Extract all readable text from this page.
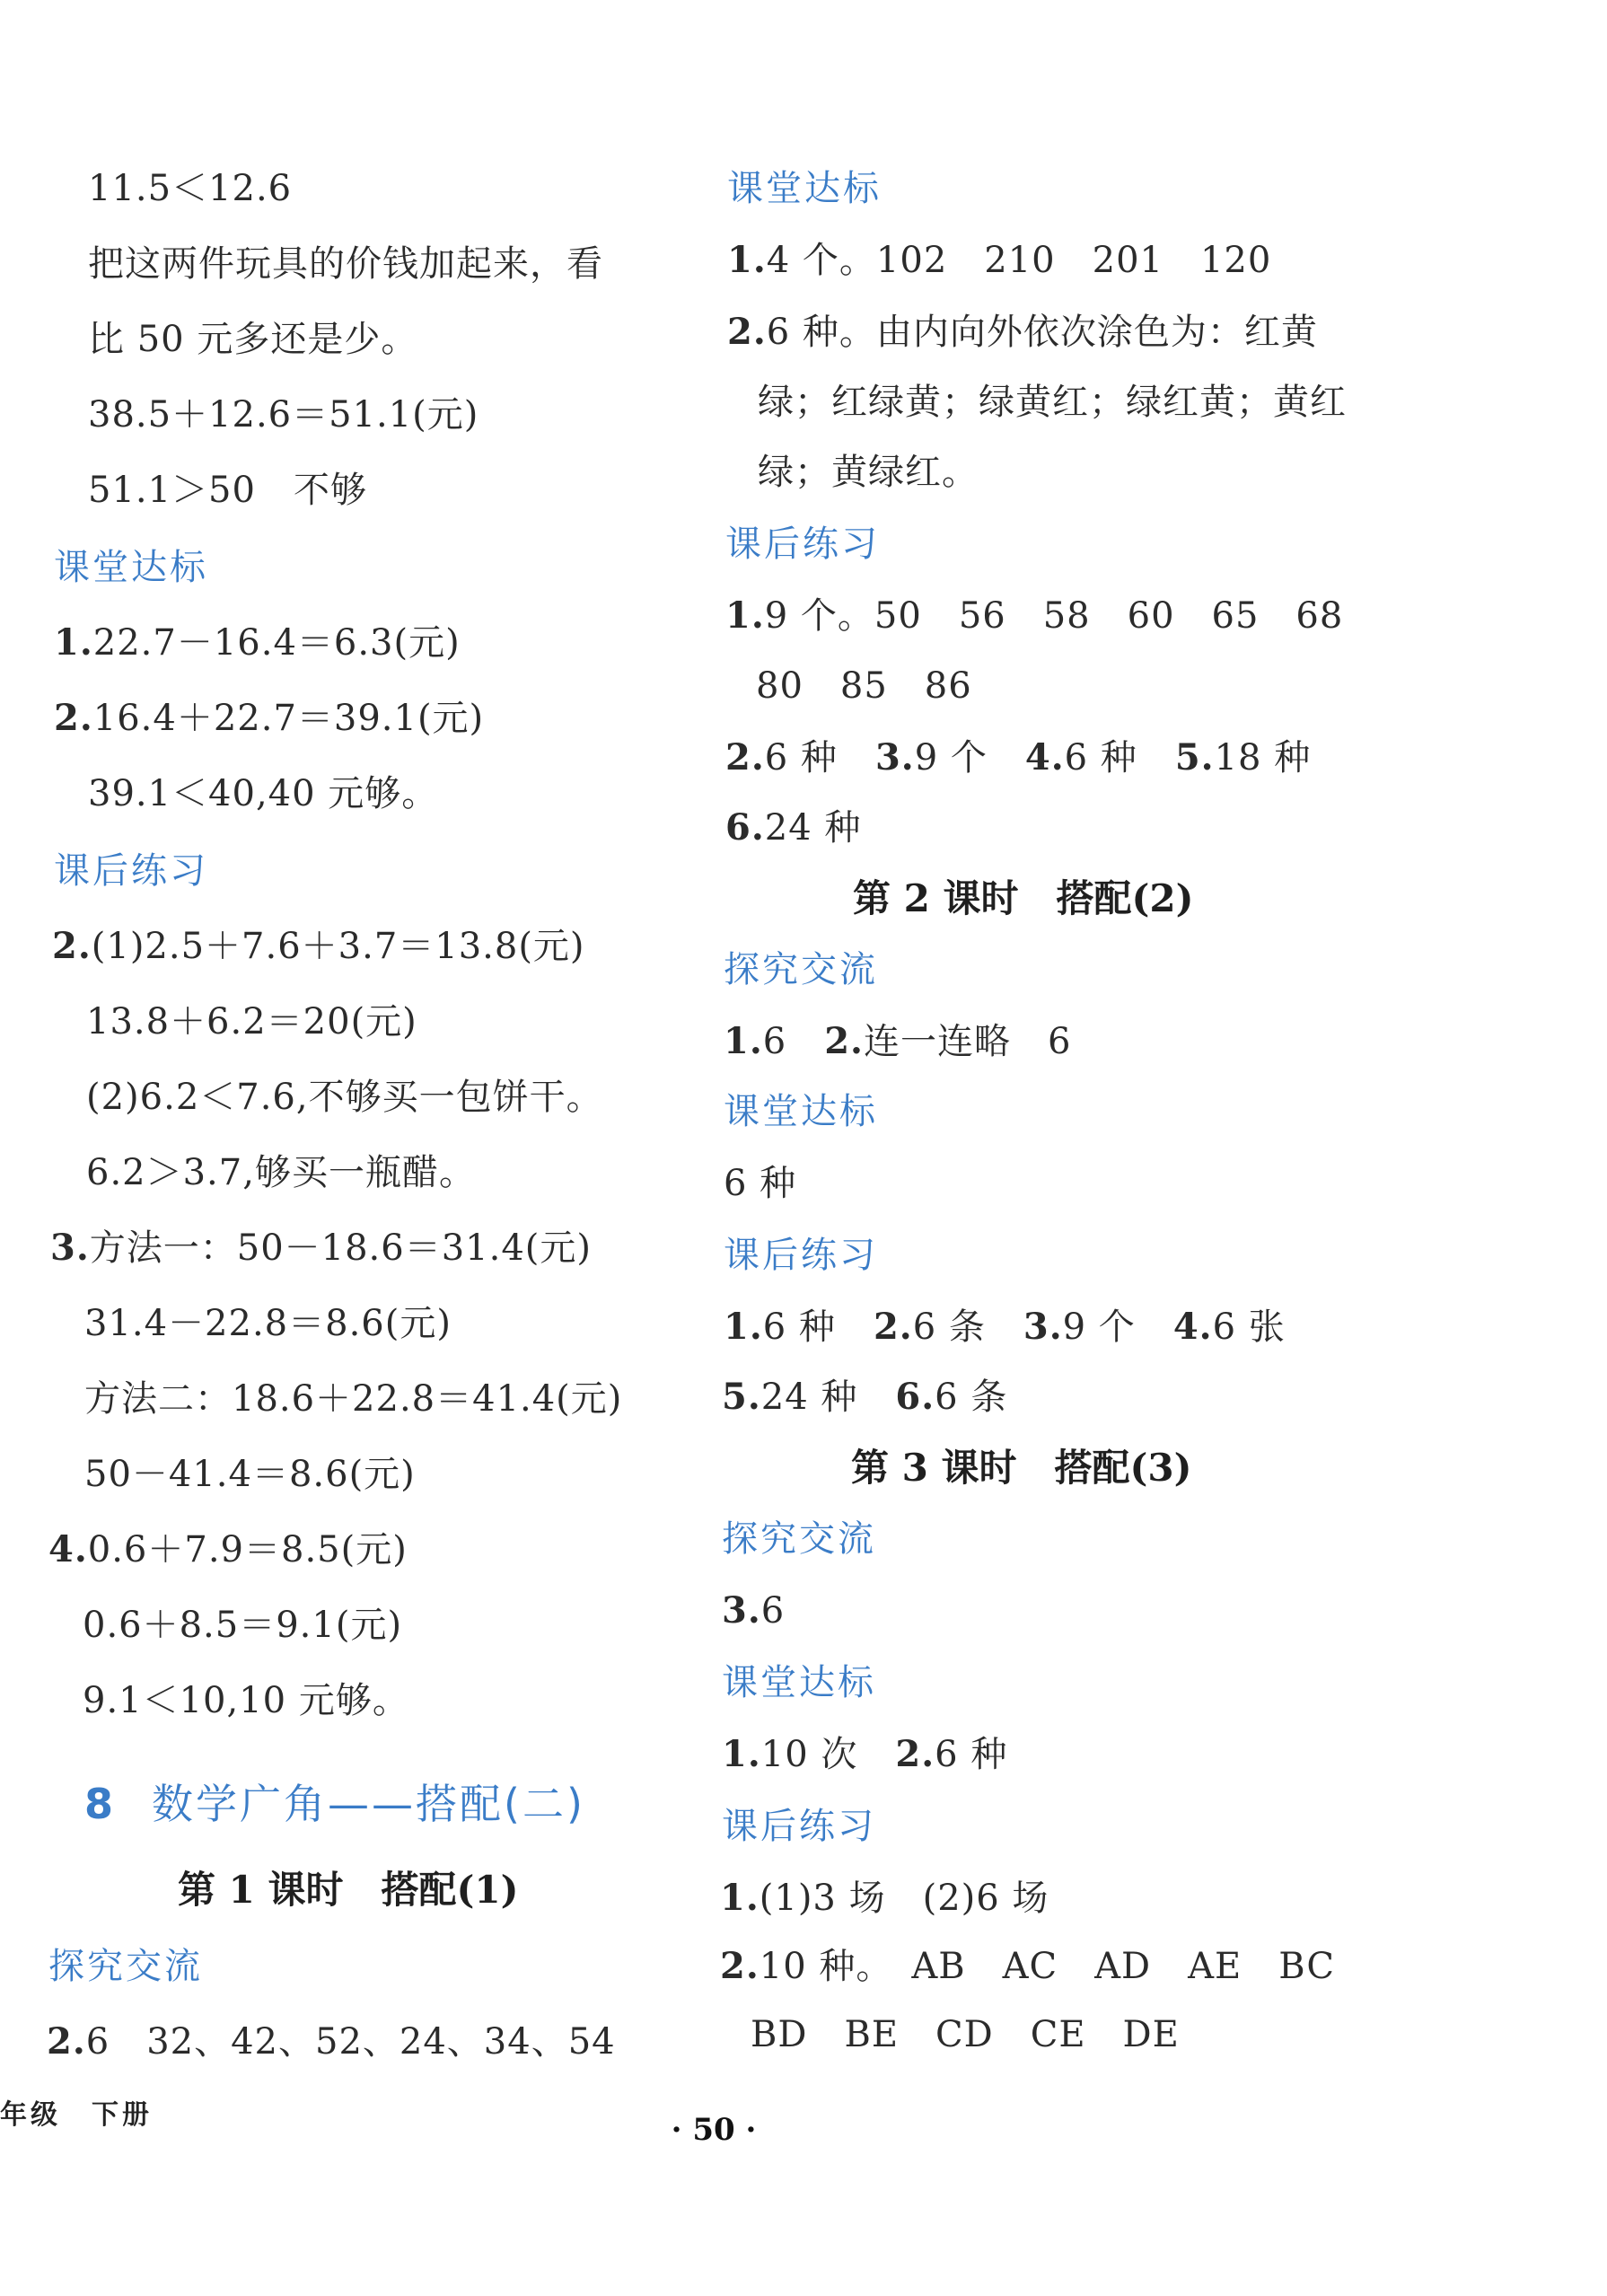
11.5＜12.6
把这两件玩具的价钱加起来，看
比 50 元多还是少。
38.5＋12.6＝51.1(元)
51.1＞50 不够
课堂达标
1.22.7－16.4＝6.3(元)
2.16.4＋22.7＝39.1(元)
39.1＜40,40 元够。
课后练习
2.(1)2.5＋7.6＋3.7＝13.8(元)
13.8＋6.2＝20(元)
(2)6.2＜7.6,不够买一包饼干。
6.2＞3.7,够买一瓶醋。
3.方法一：50－18.6＝31.4(元)
31.4－22.8＝8.6(元)
方法二：18.6＋22.8＝41.4(元)
50－41.4＝8.6(元)
4.0.6＋7.9＝8.5(元)
0.6＋8.5＝9.1(元)
9.1＜10,10 元够。
8 数学广角——搭配(二)
第 1 课时　搭配(1)
探究交流
2.6　32、42、52、24、34、54
课堂达标
1.4 个。102　210　201　120
2.6 种。由内向外依次涂色为：红黄
绿；红绿黄；绿黄红；绿红黄；黄红
绿；黄绿红。
课后练习
1.9 个。50　56　58　60　65　68
80　85　86
2.6 种 3.9 个 4.6 种 5.18 种
6.24 种
第 2 课时　搭配(2)
探究交流
1.6 2.连一连略　6
课堂达标
6 种
课后练习
1.6 种 2.6 条 3.9 个 4.6 张
5.24 种 6.6 条
第 3 课时　搭配(3)
探究交流
3.6
课堂达标
1.10 次 2.6 种
课后练习
1.(1)3 场　(2)6 场
2.10 种。　AB　AC　AD　AE　BC
BD　BE　CD　CE　DE
年级　下册	· 50 ·
